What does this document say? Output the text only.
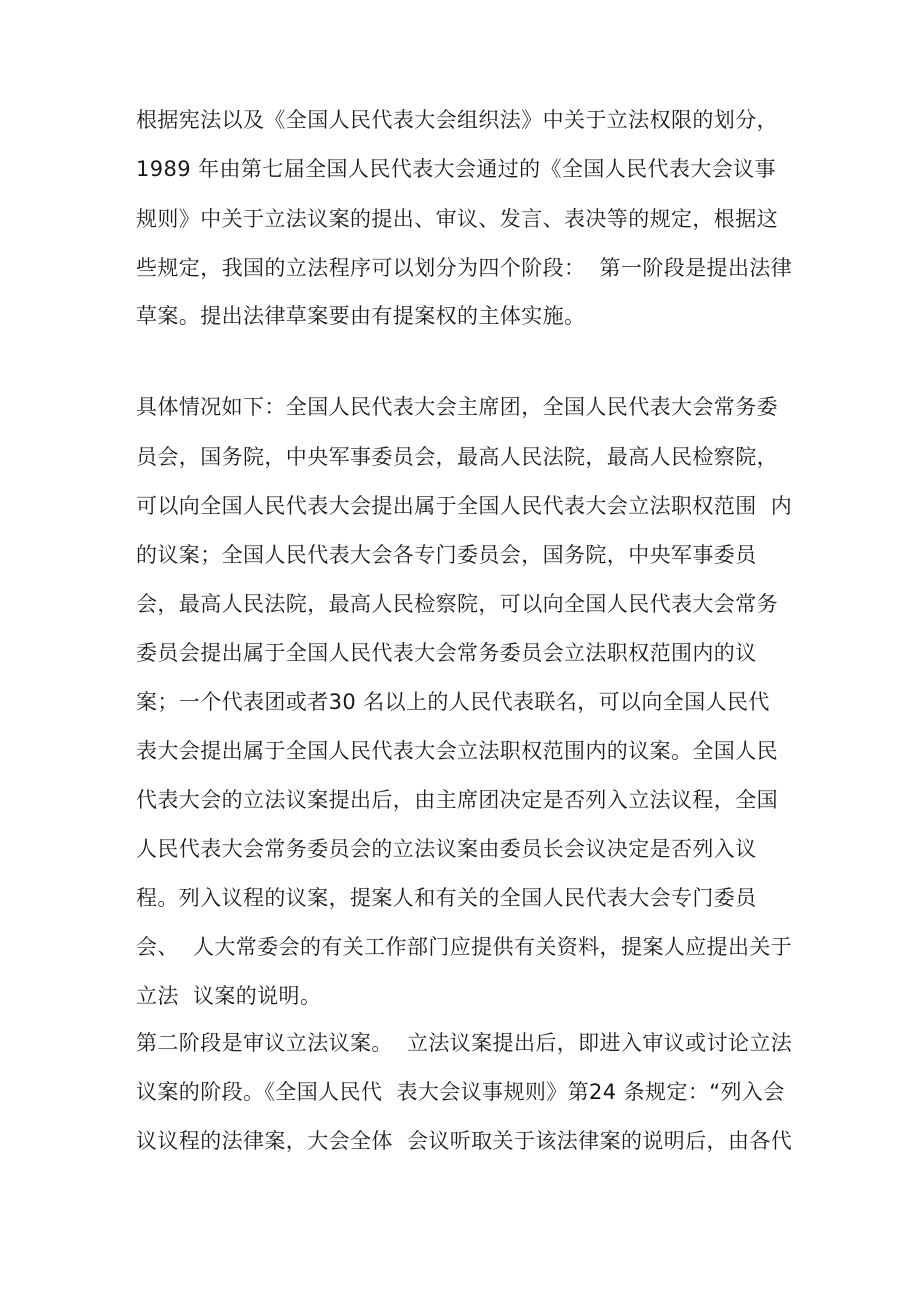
根据宪法以及《全国人民代表大会组织法》中关于立法权限的划分，
1989 年由第七届全国人民代表大会通过的《全国人民代表大会议事
规则》中关于立法议案的提出、审议、发言、表决等的规定，根据这
些规定，我国的立法程序可以划分为四个阶段：  第一阶段是提出法律
草案。提出法律草案要由有提案权的主体实施。
具体情况如下：全国人民代表大会主席团，全国人民代表大会常务委
员会，国务院，中央军事委员会，最高人民法院，最高人民检察院，
可以向全国人民代表大会提出属于全国人民代表大会立法职权范围  内
的议案；全国人民代表大会各专门委员会，国务院，中央军事委员
会，最高人民法院，最高人民检察院，可以向全国人民代表大会常务
委员会提出属于全国人民代表大会常务委员会立法职权范围内的议
案；一个代表团或者30 名以上的人民代表联名，可以向全国人民代
表大会提出属于全国人民代表大会立法职权范围内的议案。全国人民
代表大会的立法议案提出后，由主席团决定是否列入立法议程，全国
人民代表大会常务委员会的立法议案由委员长会议决定是否列入议
程。列入议程的议案，提案人和有关的全国人民代表大会专门委员
会、  人大常委会的有关工作部门应提供有关资料，提案人应提出关于
立法  议案的说明。
第二阶段是审议立法议案。  立法议案提出后，即进入审议或讨论立法
议案的阶段。《全国人民代  表大会议事规则》第24 条规定：“列入会
议议程的法律案，大会全体  会议听取关于该法律案的说明后，由各代
